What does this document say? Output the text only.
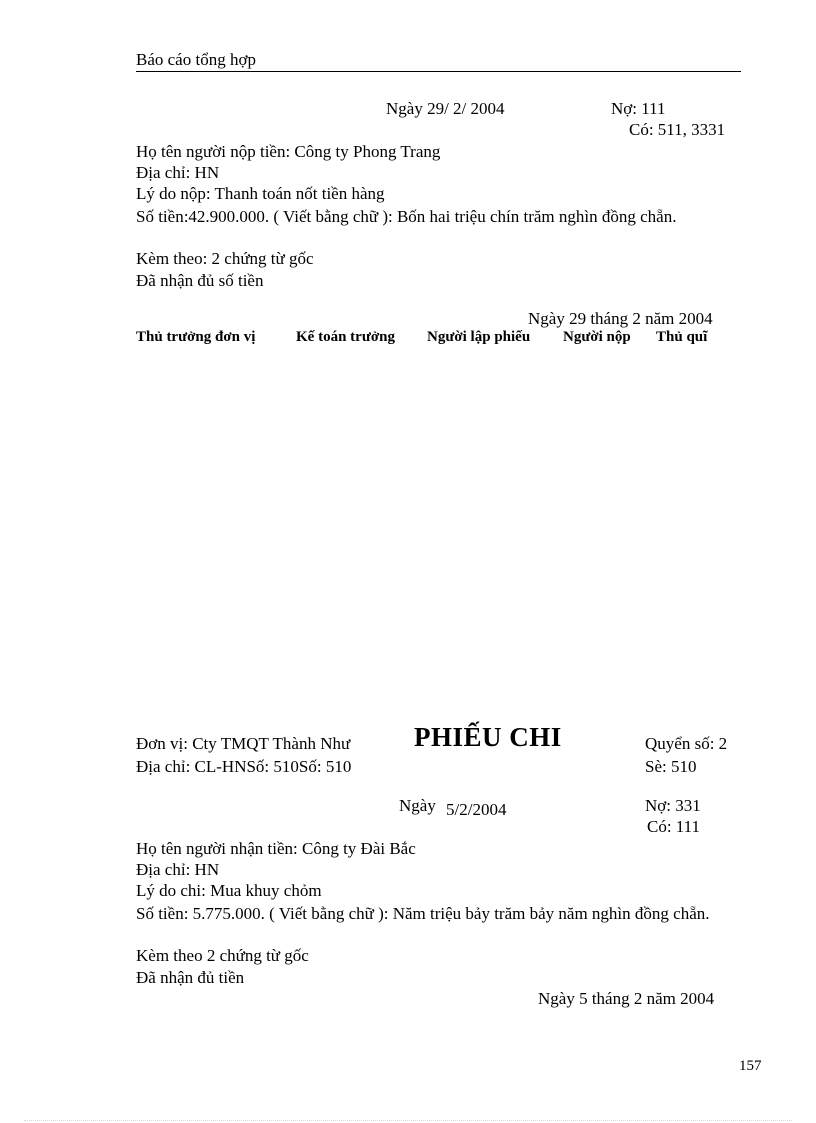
Báo cáo tổng hợp
Ngày 29/ 2/ 2004	Nợ: 111
Có: 511, 3331
Họ tên người nộp tiền: Công ty Phong Trang
Địa chỉ: HN
Lý do nộp: Thanh toán nốt tiền hàng
Số tiền:42.900.000. ( Viết bằng chữ ): Bốn hai triệu chín trăm nghìn đồng chẵn.
Kèm theo: 2 chứng từ gốc
Đã nhận đủ số tiền
Ngày 29 tháng 2 năm 2004
Thủ trưởng đơn vị	Kế toán trưởng Người lập phiếu Người nộp Thủ quĩ
Đơn vị: Cty TMQT Thành Như PHIẾU CHI	Quyển số: 2
Địa chỉ: CL-HNSố: 510Số: 510	Sè: 510
Ngày 5/2/2004	Nợ: 331
Có: 111
Họ tên người nhận tiền: Công ty Đài Bắc
Địa chỉ: HN
Lý do chi: Mua khuy chỏm
Số tiền: 5.775.000. ( Viết bằng chữ ): Năm triệu bảy trăm bảy năm nghìn đồng chẵn.
Kèm theo 2 chứng từ gốc
Đã nhận đủ tiền
Ngày 5 tháng 2 năm 2004
157
